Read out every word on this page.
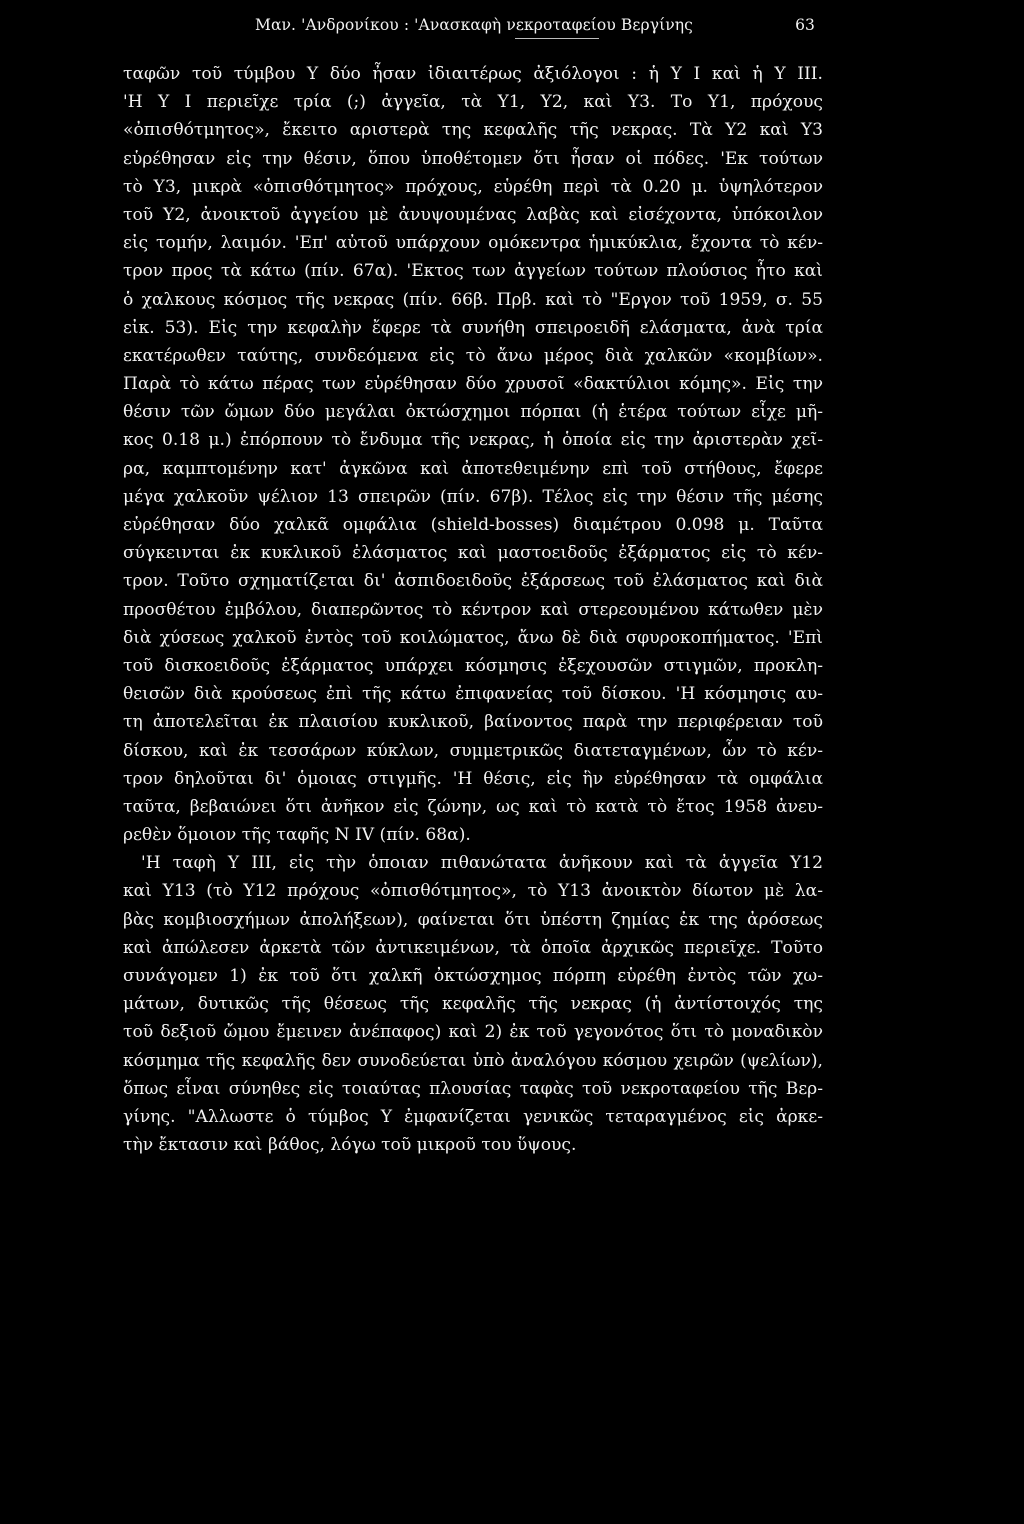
Μαν. 'Ανδρονίκου : 'Ανασκαφὴ νεκροταφείου Βεργίνης	63
ταφῶν τοῦ τύμβου Υ δύο ἦσαν ἰδιαιτέρως ἀξιόλογοι : ἡ Υ I καὶ ἡ Υ ΙΙΙ.
'Η Υ I περιεῖχε τρία (;) ἀγγεῖα, τὰ Υ1, Υ2, καὶ Υ3. Το Υ1, πρόχους
«ὀπισθότμητος», ἔκειτο αριστερὰ της κεφαλῆς τῆς νεκρας. Τὰ Υ2 καὶ Υ3
εὑρέθησαν εἰς την θέσιν, ὅπου ὑποθέτομεν ὅτι ἦσαν οἱ πόδες. 'Εκ τούτων
τὸ Υ3, μικρὰ «ὀπισθότμητος» πρόχους, εὑρέθη περὶ τὰ 0.20 μ. ὑψηλότερον
τοῦ Υ2, ἀνοικτοῦ ἀγγείου μὲ ἀνυψουμένας λαβὰς καὶ εἰσέχοντα, ὑπόκοιλον
εἰς τομήν, λαιμόν. 'Επ' αὐτοῦ υπάρχουν ομόκεντρα ἡμικύκλια, ἔχοντα τὸ κέν-
τρον προς τὰ κάτω (πίν. 67α). 'Εκτος των ἀγγείων τούτων πλούσιος ἦτο καὶ
ὁ χαλκους κόσμος τῆς νεκρας (πίν. 66β. Πρβ. καὶ τὸ "Εργον τοῦ 1959, σ. 55
εἰκ. 53). Εἰς την κεφαλὴν ἔφερε τὰ συνήθη σπειροειδῆ ελάσματα, ἀνὰ τρία
εκατέρωθεν ταύτης, συνδεόμενα εἰς τὸ ἄνω μέρος διὰ χαλκῶν «κομβίων».
Παρὰ τὸ κάτω πέρας των εὑρέθησαν δύο χρυσοῖ «δακτύλιοι κόμης». Εἰς την
θέσιν τῶν ὤμων δύο μεγάλαι ὀκτώσχημοι πόρπαι (ἡ ἑτέρα τούτων εἶχε μῆ-
κος 0.18 μ.) ἐπόρπουν τὸ ἔνδυμα τῆς νεκρας, ἡ ὁποία εἰς την ἀριστερὰν χεῖ-
ρα, καμπτομένην κατ' ἀγκῶνα καὶ ἀποτεθειμένην επὶ τοῦ στήθους, ἔφερε
μέγα χαλκοῦν ψέλιον 13 σπειρῶν (πίν. 67β). Τέλος εἰς την θέσιν τῆς μέσης
εὑρέθησαν δύο χαλκᾶ ομφάλια (shield-bosses) διαμέτρου 0.098 μ. Ταῦτα
σύγκεινται ἐκ κυκλικοῦ ἐλάσματος καὶ μαστοειδοῦς ἐξάρματος εἰς τὸ κέν-
τρον. Τοῦτο σχηματίζεται δι' ἀσπιδοειδοῦς ἐξάρσεως τοῦ ἐλάσματος καὶ διὰ
προσθέτου ἐμβόλου, διαπερῶντος τὸ κέντρον καὶ στερεουμένου κάτωθεν μὲν
διὰ χύσεως χαλκοῦ ἐντὸς τοῦ κοιλώματος, ἄνω δὲ διὰ σφυροκοπήματος. 'Επὶ
τοῦ δισκοειδοῦς ἐξάρματος υπάρχει κόσμησις ἐξεχουσῶν στιγμῶν, προκλη-
θεισῶν διὰ κρούσεως ἐπὶ τῆς κάτω ἐπιφανείας τοῦ δίσκου. 'Η κόσμησις αυ-
τη ἀποτελεῖται ἐκ πλαισίου κυκλικοῦ, βαίνοντος παρὰ την περιφέρειαν τοῦ
δίσκου, καὶ ἐκ τεσσάρων κύκλων, συμμετρικῶς διατεταγμένων, ὧν τὸ κέν-
τρον δηλοῦται δι' ὁμοιας στιγμῆς. 'Η θέσις, εἰς ἣν εὑρέθησαν τὰ ομφάλια
ταῦτα, βεβαιώνει ὅτι ἀνῆκον εἰς ζώνην, ως καὶ τὸ κατὰ τὸ ἔτος 1958 ἀνευ-
ρεθὲν ὅμοιον τῆς ταφῆς Ν IV (πίν. 68α).
'Η ταφὴ Υ ΙΙΙ, εἰς τὴν ὁποιαν πιθανώτατα ἀνῆκουν καὶ τὰ ἀγγεῖα Υ12
καὶ Υ13 (τὸ Υ12 πρόχους «ὀπισθότμητος», τὸ Υ13 ἀνοικτὸν δίωτον μὲ λα-
βὰς κομβιοσχήμων ἀπολήξεων), φαίνεται ὅτι ὑπέστη ζημίας ἐκ της ἀρόσεως
καὶ ἀπώλεσεν ἀρκετὰ τῶν ἀντικειμένων, τὰ ὁποῖα ἀρχικῶς περιεῖχε. Τοῦτο
συνάγομεν 1) ἐκ τοῦ ὅτι χαλκῆ ὀκτώσχημος πόρπη εὑρέθη ἐντὸς τῶν χω-
μάτων, δυτικῶς τῆς θέσεως τῆς κεφαλῆς τῆς νεκρας (ἡ ἀντίστοιχός της
τοῦ δεξιοῦ ὤμου ἔμεινεν ἀνέπαφος) καὶ 2) ἐκ τοῦ γεγονότος ὅτι τὸ μοναδικὸν
κόσμημα τῆς κεφαλῆς δεν συνοδεύεται ὑπὸ ἀναλόγου κόσμου χειρῶν (ψελίων),
ὅπως εἶναι σύνηθες εἰς τοιαύτας πλουσίας ταφὰς τοῦ νεκροταφείου τῆς Βερ-
γίνης. "Αλλωστε ὁ τύμβος Υ ἐμφανίζεται γενικῶς τεταραγμένος εἰς ἀρκε-
τὴν ἔκτασιν καὶ βάθος, λόγω τοῦ μικροῦ του ὕψους.
